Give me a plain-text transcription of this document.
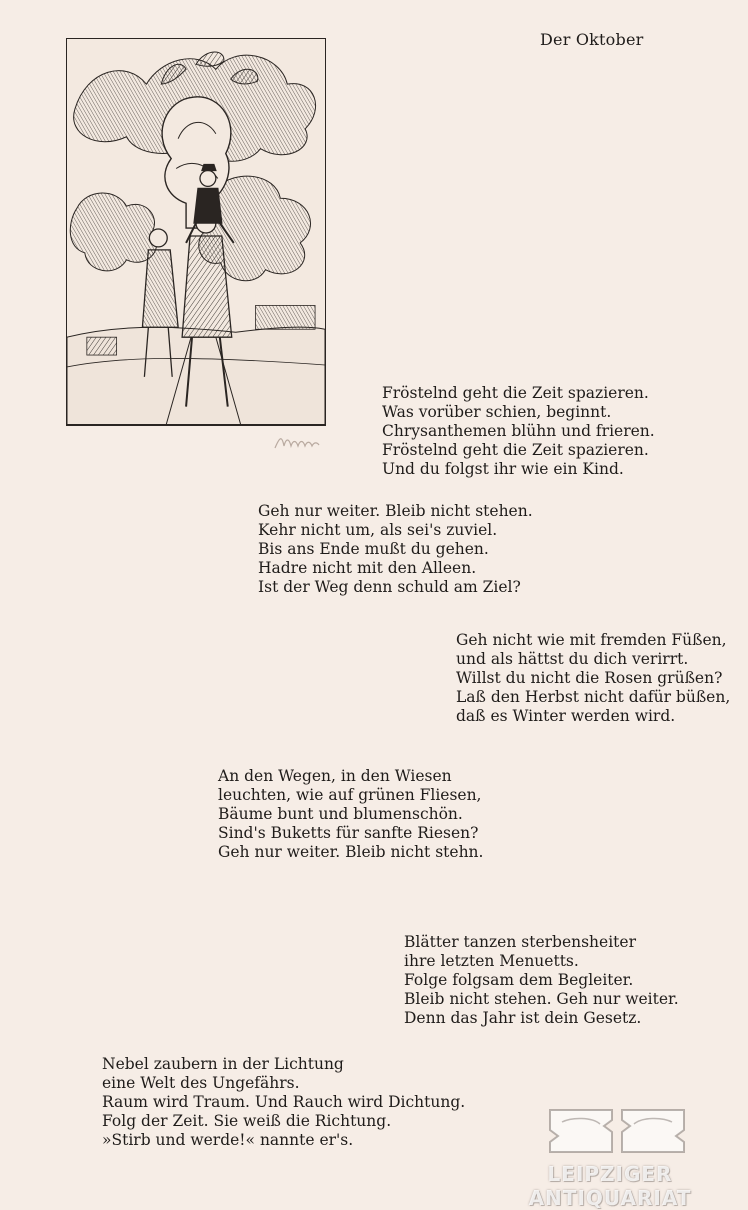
Der Oktober
Fröstelnd geht die Zeit spazieren.
Was vorüber schien, beginnt.
Chrysanthemen blühn und frieren.
Fröstelnd geht die Zeit spazieren.
Und du folgst ihr wie ein Kind.
Geh nur weiter. Bleib nicht stehen.
Kehr nicht um, als sei's zuviel.
Bis ans Ende mußt du gehen.
Hadre nicht mit den Alleen.
Ist der Weg denn schuld am Ziel?
Geh nicht wie mit fremden Füßen,
und als hättst du dich verirrt.
Willst du nicht die Rosen grüßen?
Laß den Herbst nicht dafür büßen,
daß es Winter werden wird.
An den Wegen, in den Wiesen
leuchten, wie auf grünen Fliesen,
Bäume bunt und blumenschön.
Sind's Buketts für sanfte Riesen?
Geh nur weiter. Bleib nicht stehn.
Blätter tanzen sterbensheiter
ihre letzten Menuetts.
Folge folgsam dem Begleiter.
Bleib nicht stehen. Geh nur weiter.
Denn das Jahr ist dein Gesetz.
Nebel zaubern in der Lichtung
eine Welt des Ungefährs.
Raum wird Traum. Und Rauch wird Dichtung.
Folg der Zeit. Sie weiß die Richtung.
»Stirb und werde!« nannte er's.
LEIPZIGER ANTIQUARIAT
